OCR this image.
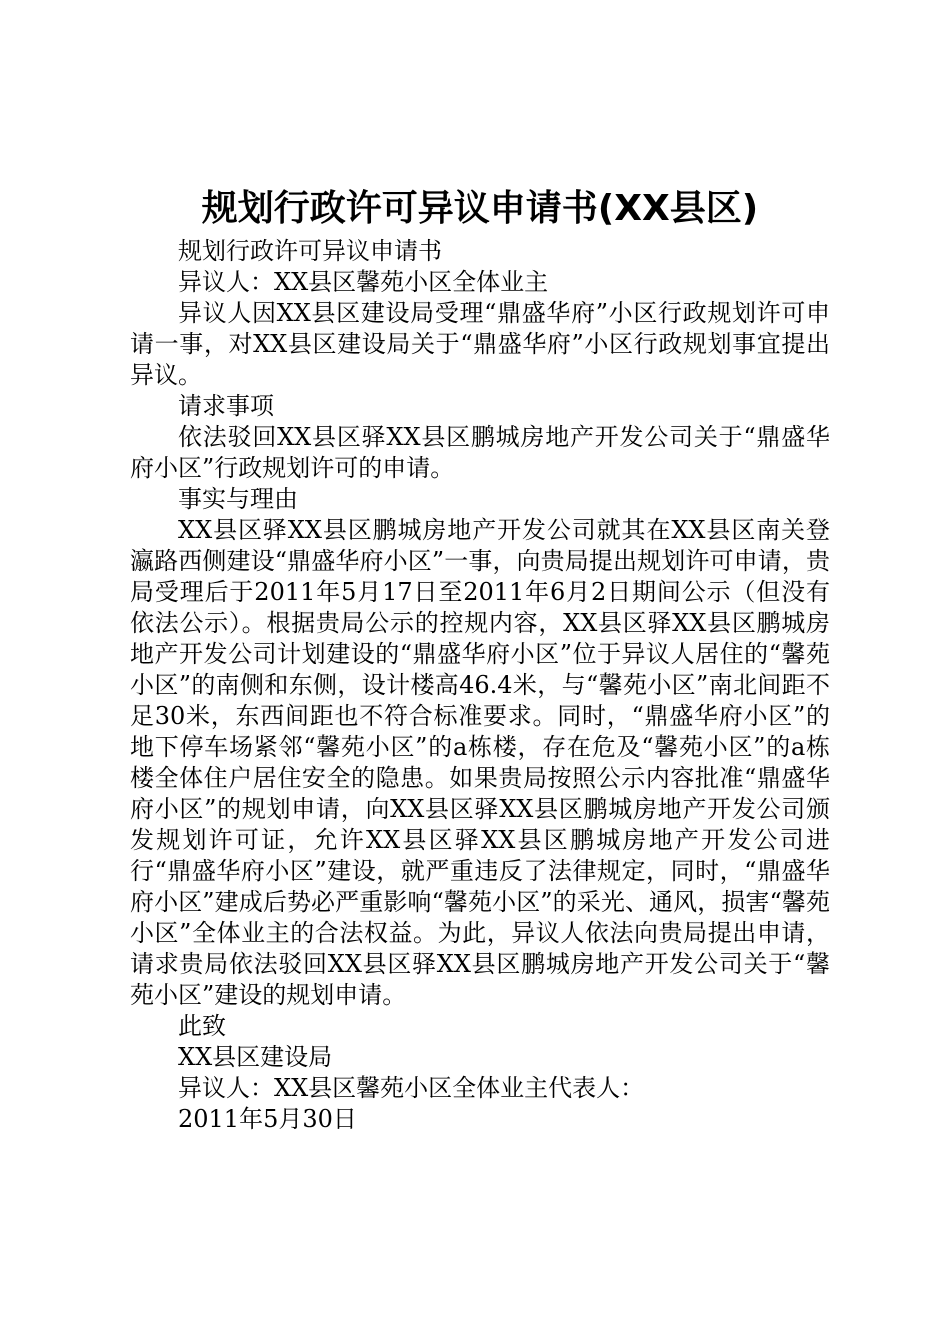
规划行政许可异议申请书(XX县区)

规划行政许可异议申请书

异议人：XX县区馨苑小区全体业主

异议人因XX县区建设局受理“鼎盛华府”小区行政规划许可申请一事，对XX县区建设局关于“鼎盛华府”小区行政规划事宜提出异议。

请求事项

依法驳回XX县区驿XX县区鹏城房地产开发公司关于“鼎盛华府小区”行政规划许可的申请。

事实与理由

XX县区驿XX县区鹏城房地产开发公司就其在XX县区南关登瀛路西侧建设“鼎盛华府小区”一事，向贵局提出规划许可申请，贵局受理后于2011年5月17日至2011年6月2日期间公示（但没有依法公示）。根据贵局公示的控规内容，XX县区驿XX县区鹏城房地产开发公司计划建设的“鼎盛华府小区”位于异议人居住的“馨苑小区”的南侧和东侧，设计楼高46.4米，与“馨苑小区”南北间距不足30米，东西间距也不符合标准要求。同时，“鼎盛华府小区”的地下停车场紧邻“馨苑小区”的a栋楼，存在危及“馨苑小区”的a栋楼全体住户居住安全的隐患。如果贵局按照公示内容批准“鼎盛华府小区”的规划申请，向XX县区驿XX县区鹏城房地产开发公司颁发规划许可证，允许XX县区驿XX县区鹏城房地产开发公司进行“鼎盛华府小区”建设，就严重违反了法律规定，同时，“鼎盛华府小区”建成后势必严重影响“馨苑小区”的采光、通风，损害“馨苑小区”全体业主的合法权益。为此，异议人依法向贵局提出申请，请求贵局依法驳回XX县区驿XX县区鹏城房地产开发公司关于“馨苑小区”建设的规划申请。

此致

XX县区建设局

异议人：XX县区馨苑小区全体业主代表人：

2011年5月30日
